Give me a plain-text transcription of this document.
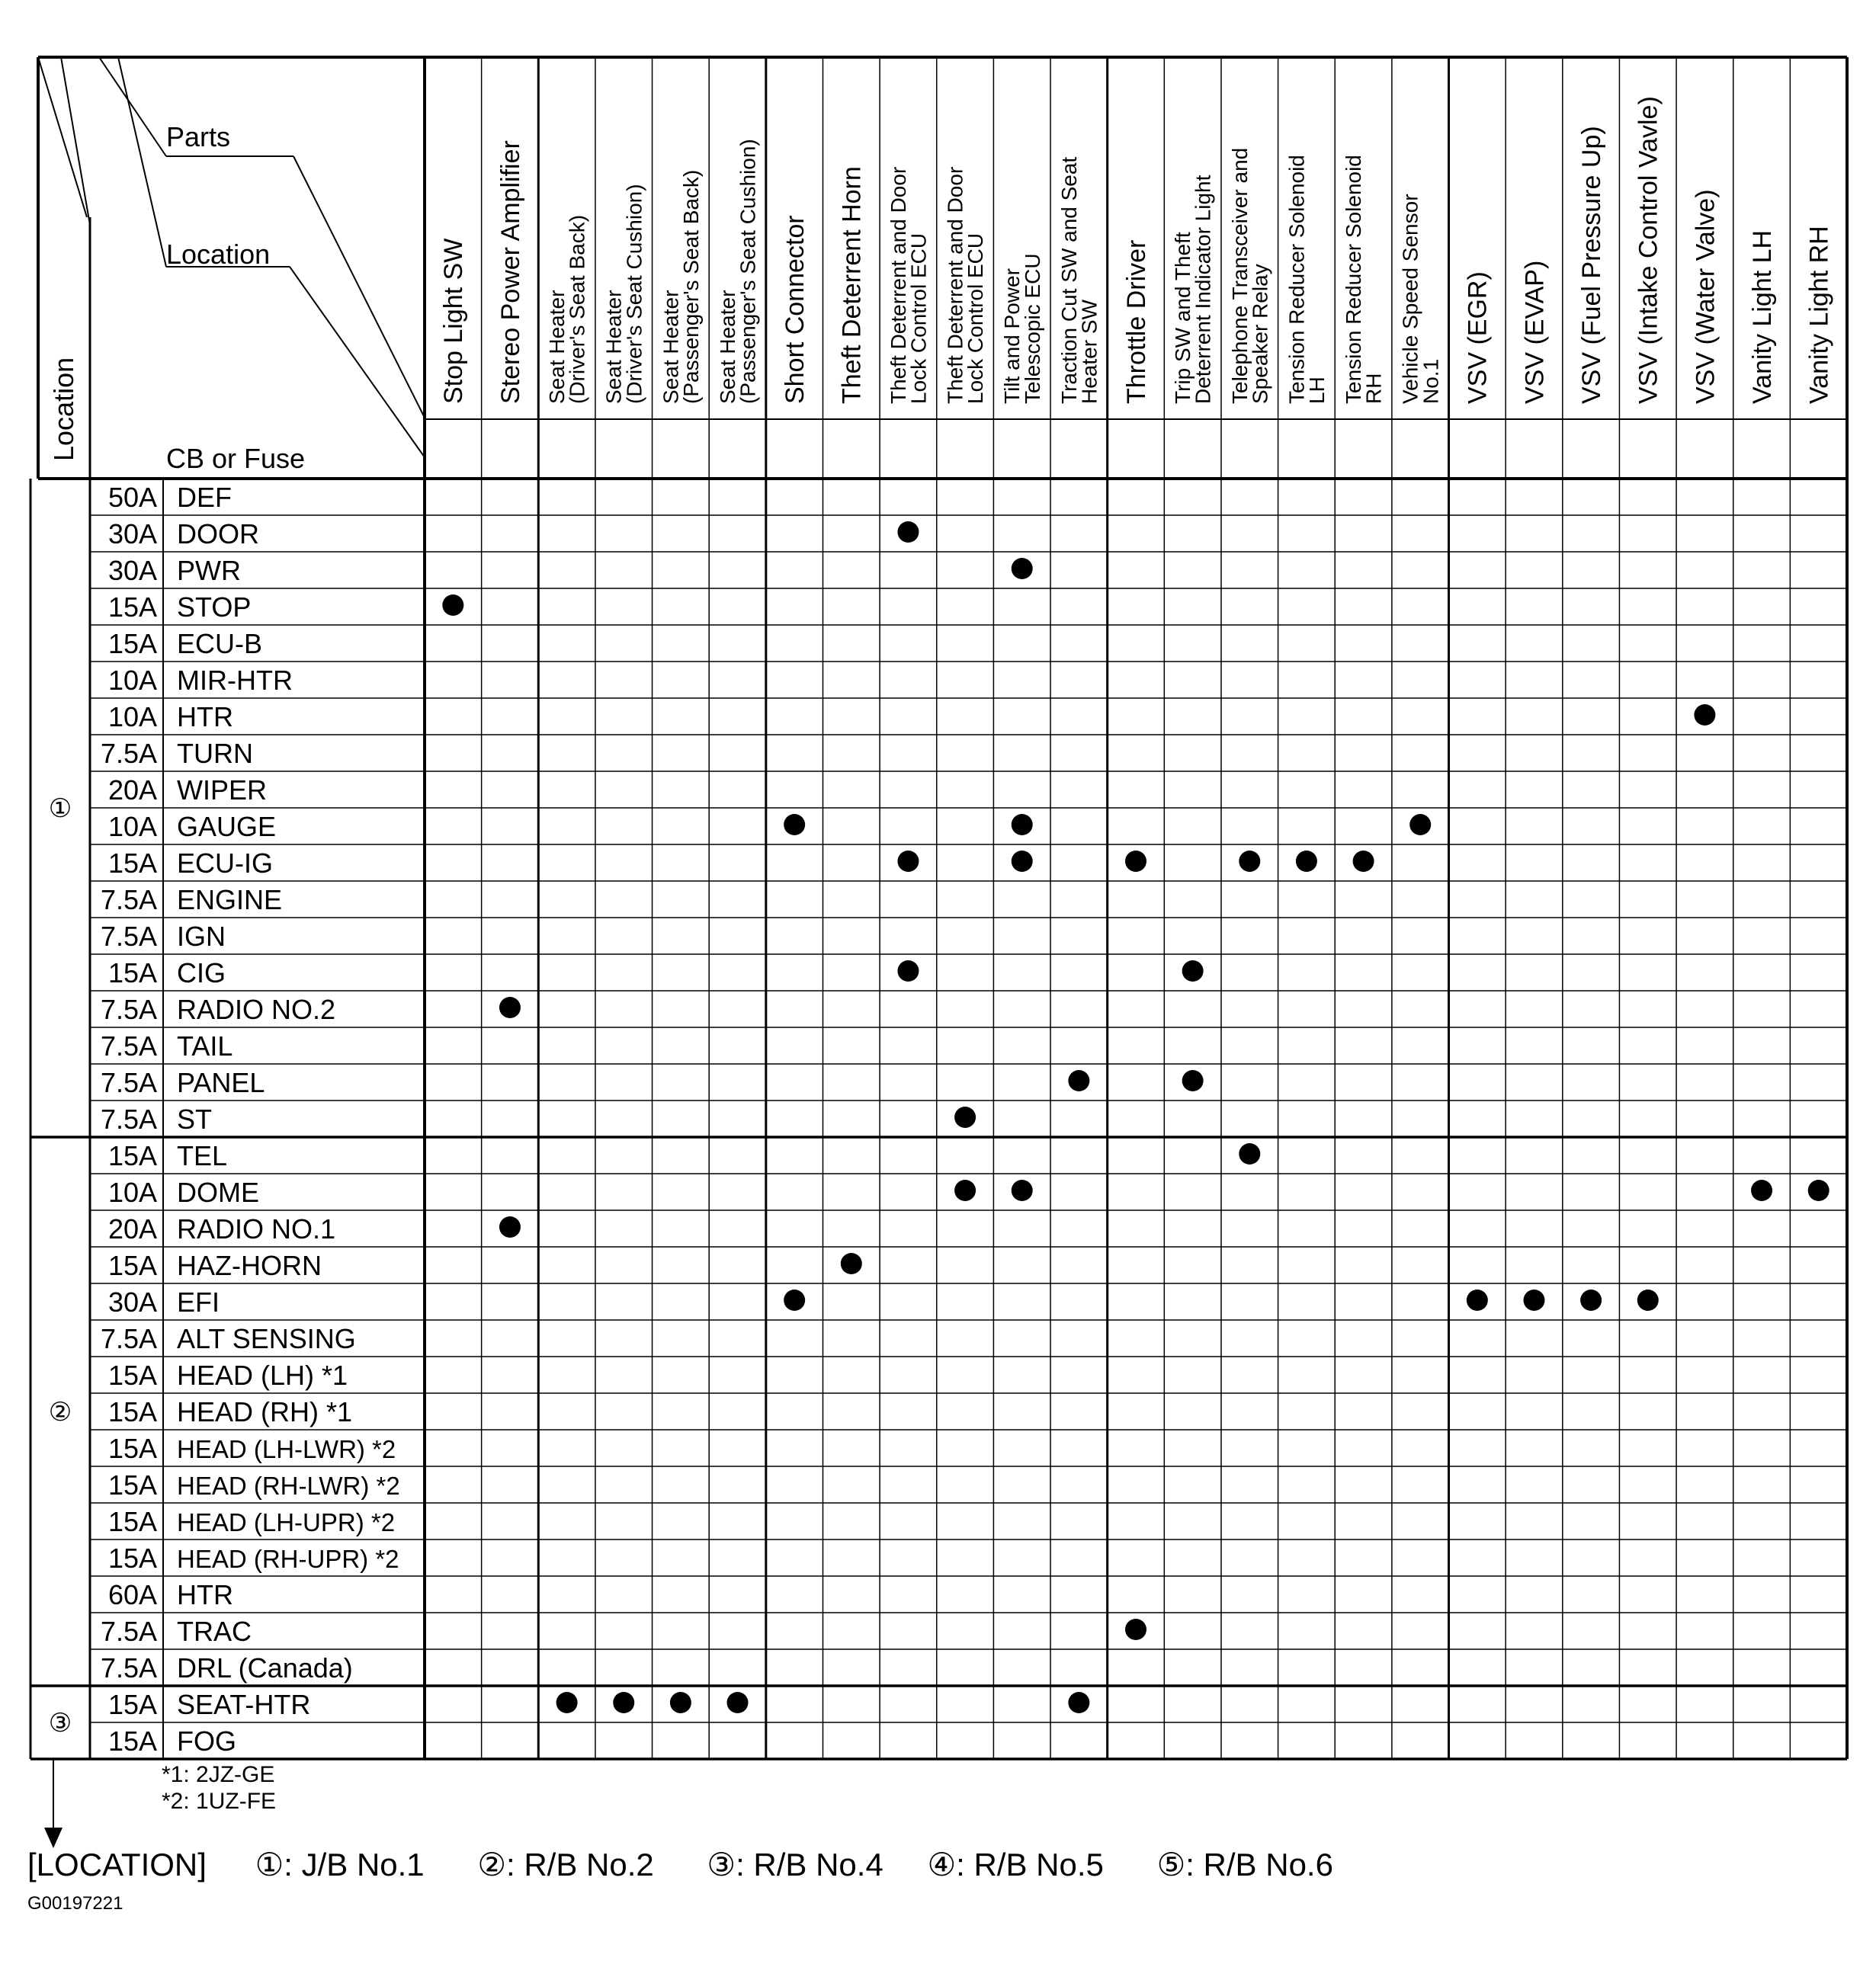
Parts
Location
CB or Fuse
Location
Stop Light SW Stereo Power Amplifier Seat Heater
(Driver's Seat Back) Seat Heater
(Driver's Seat Cushion) Seat Heater
(Passenger's Seat Back) Seat Heater
(Passenger's Seat Cushion) Short Connector Theft Deterrent Horn Theft Deterrent and Door
Lock Control ECU Theft Deterrent and Door
Lock Control ECU Tilt and Power
Telescopic ECU Traction Cut SW and Seat
Heater SW Throttle Driver Trip SW and Theft
Deterrent Indicator Light Telephone Transceiver and
Speaker Relay Tension Reducer Solenoid
LH Tension Reducer Solenoid
RH Vehicle Speed Sensor
No.1 VSV (EGR) VSV (EVAP) VSV (Fuel Pressure Up) VSV (Intake Control Vavle) VSV (Water Valve) Vanity Light LH Vanity Light RH
50A DEF
30A DOOR
30A PWR
15A STOP
15A ECU-B
10A MIR-HTR
10A HTR
7.5A TURN
20A WIPER
10A GAUGE
15A ECU-IG
7.5A ENGINE
7.5A IGN
15A CIG
7.5A RADIO NO.2
7.5A TAIL
7.5A PANEL
7.5A ST
15A TEL
10A DOME
20A RADIO NO.1
15A HAZ-HORN
30A EFI
7.5A ALT SENSING
15A HEAD (LH) *1
15A HEAD (RH) *1
15A HEAD (LH-LWR) *2
15A HEAD (RH-LWR) *2
15A HEAD (LH-UPR) *2
15A HEAD (RH-UPR) *2
60A HTR
7.5A TRAC
7.5A DRL (Canada)
15A SEAT-HTR
15A FOG
①
②
③
*1: 2JZ-GE
*2: 1UZ-FE
[LOCATION] ①: J/B No.1 ②: R/B No.2 ③: R/B No.4 ④: R/B No.5 ⑤: R/B No.6
G00197221
